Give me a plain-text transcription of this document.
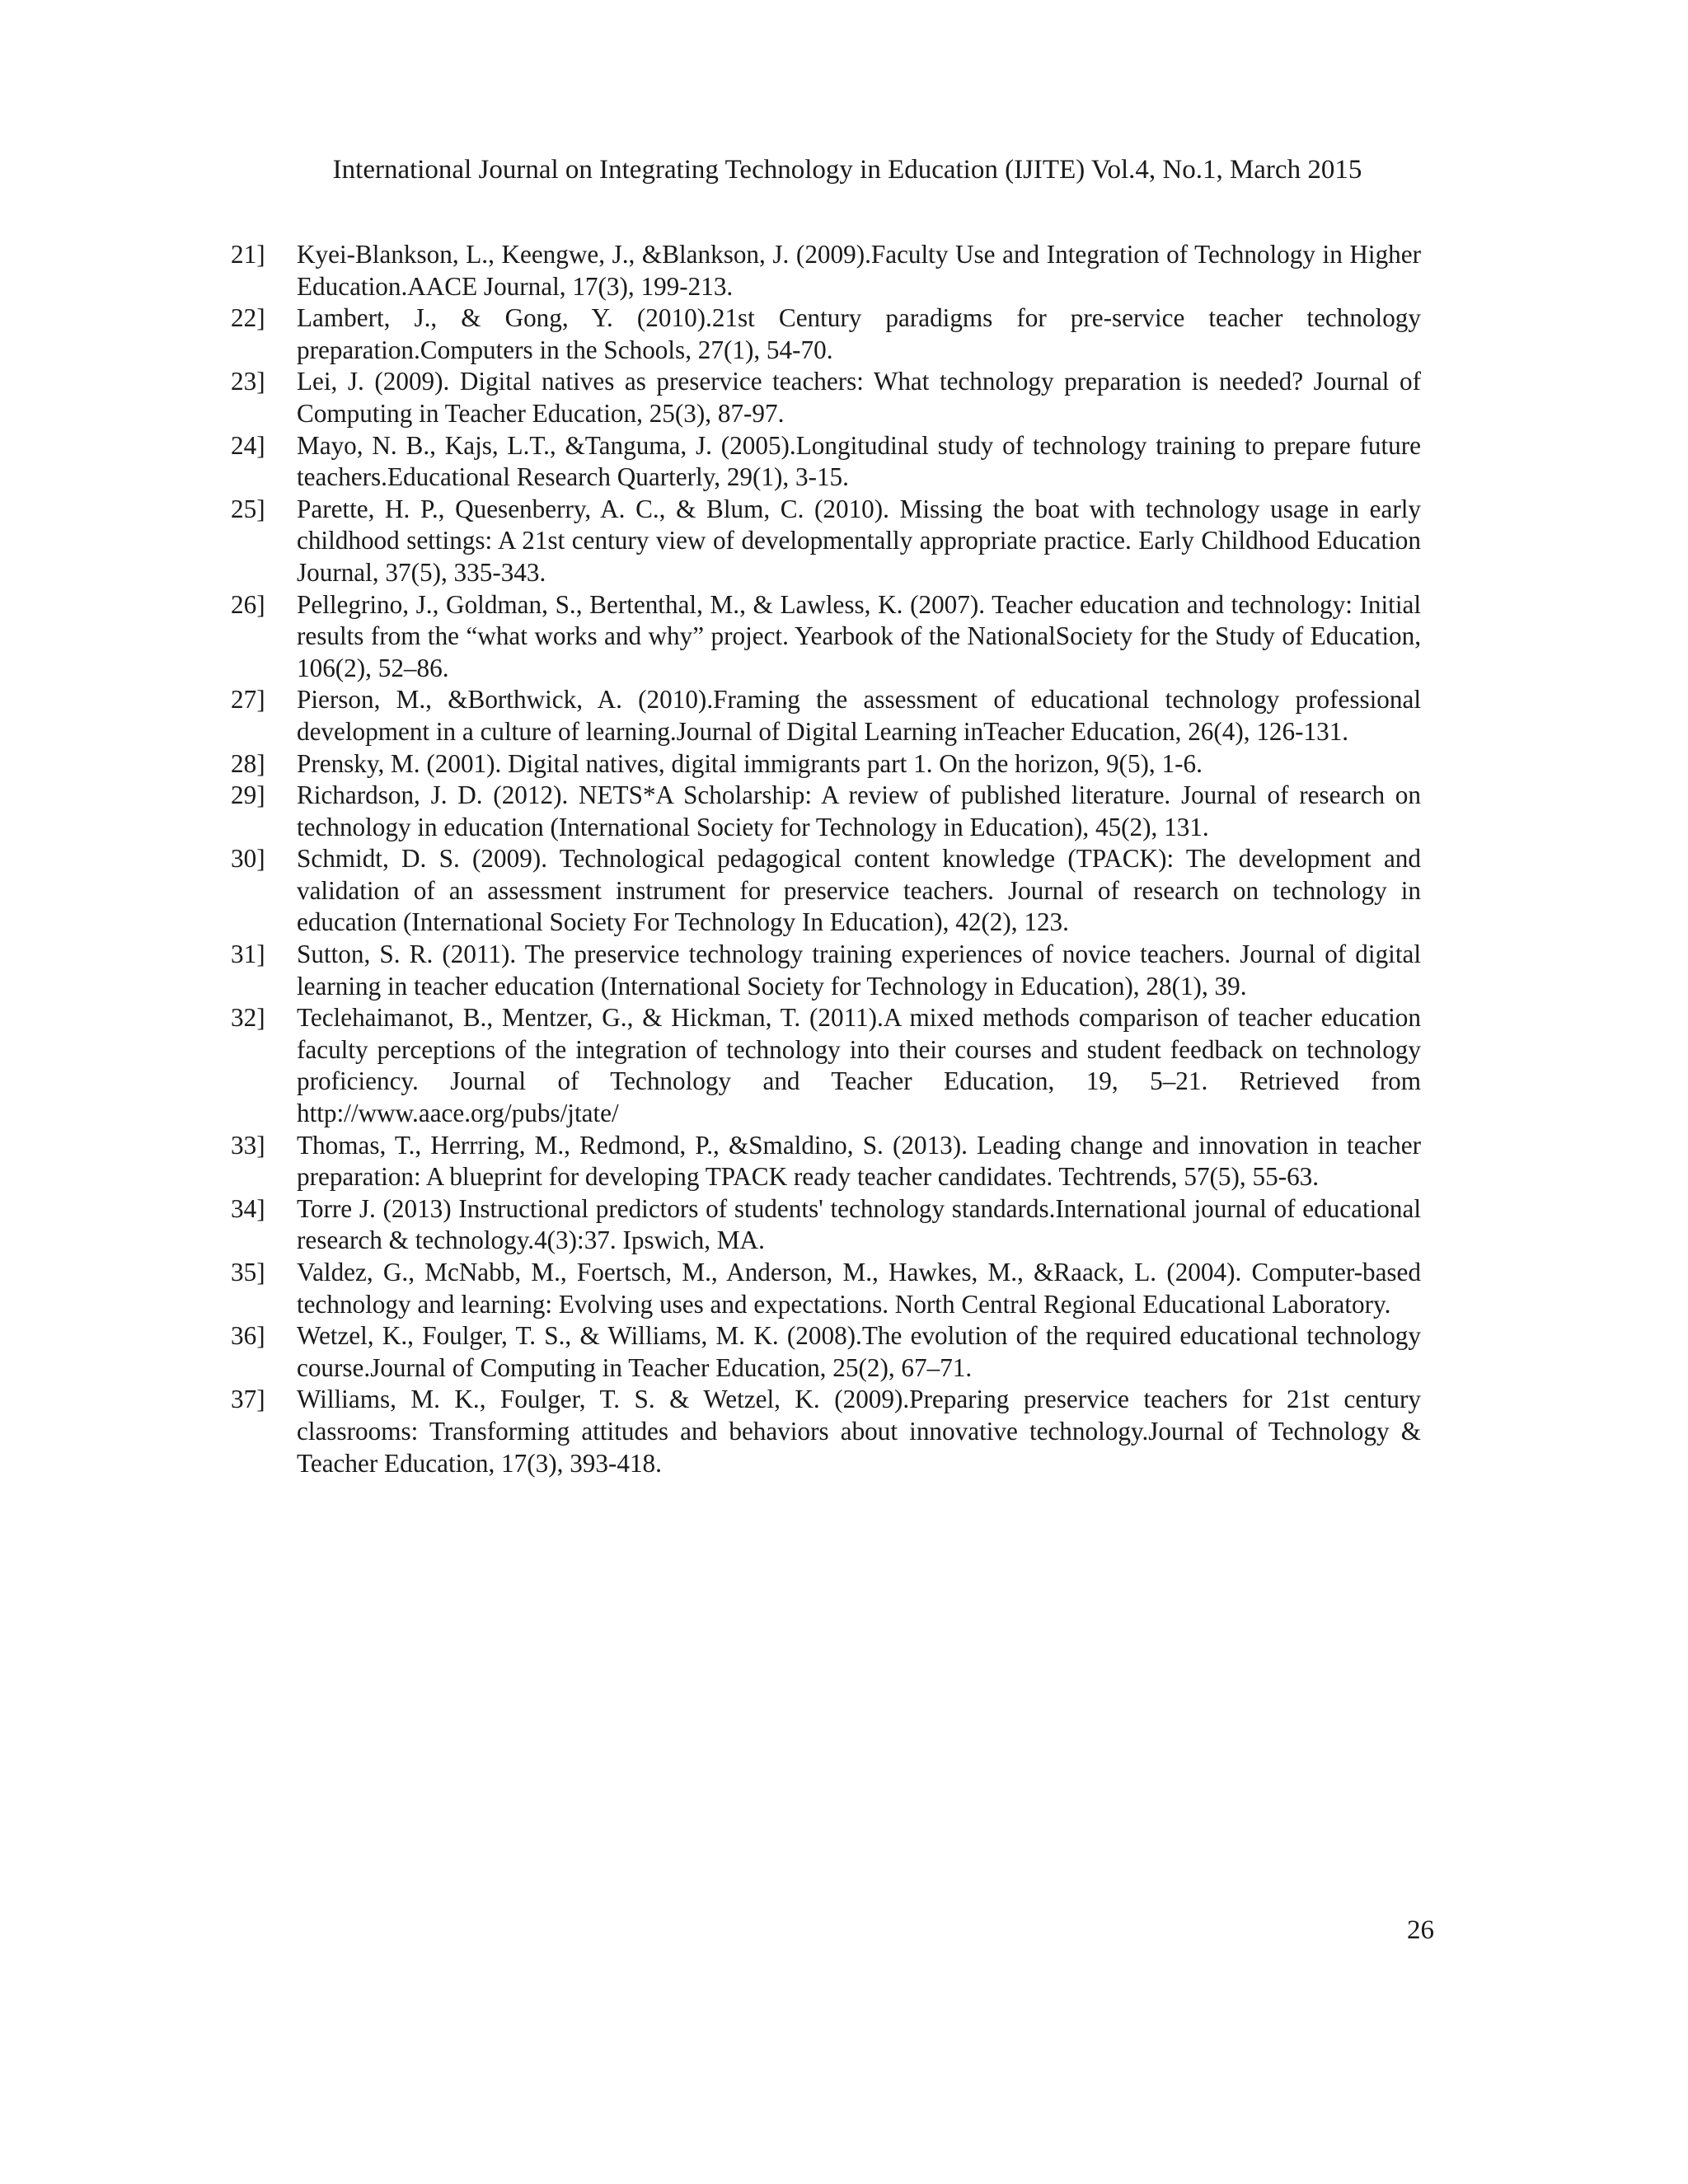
International Journal on Integrating Technology in Education (IJITE) Vol.4, No.1, March 2015
21]	Kyei-Blankson, L., Keengwe, J., &Blankson, J. (2009).Faculty Use and Integration of Technology in Higher Education.AACE Journal, 17(3), 199-213.
22]	Lambert, J., & Gong, Y. (2010).21st Century paradigms for pre-service teacher technology preparation.Computers in the Schools, 27(1), 54-70.
23]	Lei, J. (2009). Digital natives as preservice teachers: What technology preparation is needed? Journal of Computing in Teacher Education, 25(3), 87-97.
24]	Mayo, N. B., Kajs, L.T., &Tanguma, J. (2005).Longitudinal study of technology training to prepare future teachers.Educational Research Quarterly, 29(1), 3-15.
25]	Parette, H. P., Quesenberry, A. C., & Blum, C. (2010). Missing the boat with technology usage in early childhood settings: A 21st century view of developmentally appropriate practice. Early Childhood Education Journal, 37(5), 335-343.
26]	Pellegrino, J., Goldman, S., Bertenthal, M., & Lawless, K. (2007). Teacher education and technology: Initial results from the “what works and why” project. Yearbook of the NationalSociety for the Study of Education, 106(2), 52–86.
27]	Pierson, M., &Borthwick, A. (2010).Framing the assessment of educational technology professional development in a culture of learning.Journal of Digital Learning inTeacher Education, 26(4), 126-131.
28]	Prensky, M. (2001). Digital natives, digital immigrants part 1. On the horizon, 9(5), 1-6.
29]	Richardson, J. D. (2012). NETS*A Scholarship: A review of published literature. Journal of research on technology in education (International Society for Technology in Education), 45(2), 131.
30]	Schmidt, D. S. (2009). Technological pedagogical content knowledge (TPACK): The development and validation of an assessment instrument for preservice teachers. Journal of research on technology in education (International Society For Technology In Education), 42(2), 123.
31]	Sutton, S. R. (2011). The preservice technology training experiences of novice teachers. Journal of digital learning in teacher education (International Society for Technology in Education), 28(1), 39.
32]	Teclehaimanot, B., Mentzer, G., & Hickman, T. (2011).A mixed methods comparison of teacher education faculty perceptions of the integration of technology into their courses and student feedback on technology proficiency. Journal of Technology and Teacher Education, 19, 5–21. Retrieved from http://www.aace.org/pubs/jtate/
33]	Thomas, T., Herrring, M., Redmond, P., &Smaldino, S. (2013). Leading change and innovation in teacher preparation: A blueprint for developing TPACK ready teacher candidates. Techtrends, 57(5), 55-63.
34]	Torre J. (2013) Instructional predictors of students' technology standards.International journal of educational research & technology.4(3):37. Ipswich, MA.
35]	Valdez, G., McNabb, M., Foertsch, M., Anderson, M., Hawkes, M., &Raack, L. (2004). Computer-based technology and learning: Evolving uses and expectations. North Central Regional Educational Laboratory.
36]	Wetzel, K., Foulger, T. S., & Williams, M. K. (2008).The evolution of the required educational technology course.Journal of Computing in Teacher Education, 25(2), 67–71.
37]	Williams, M. K., Foulger, T. S. & Wetzel, K. (2009).Preparing preservice teachers for 21st century classrooms: Transforming attitudes and behaviors about innovative technology.Journal of Technology & Teacher Education, 17(3), 393-418.
26
